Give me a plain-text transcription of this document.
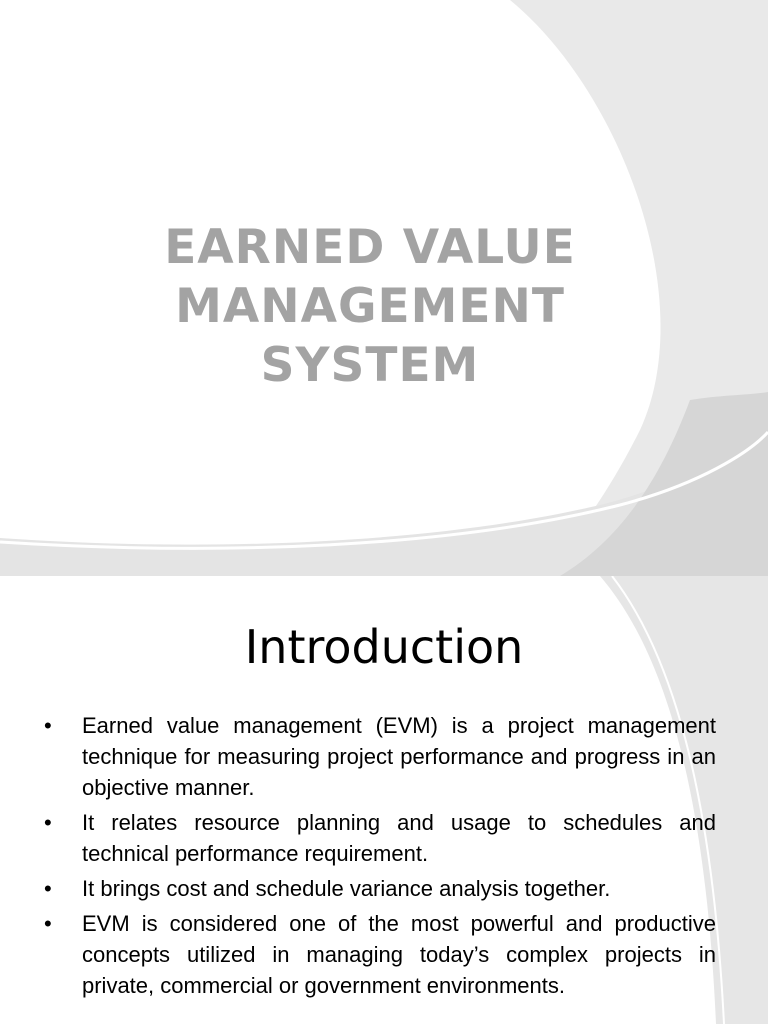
EARNED VALUE
MANAGEMENT
SYSTEM
Introduction
• Earned value management (EVM) is a project management technique for measuring project performance and progress in an objective manner.
• It relates resource planning and usage to schedules and technical performance requirement.
• It brings cost and schedule variance analysis together.
• EVM is considered one of the most powerful and productive concepts utilized in managing today’s complex projects in private, commercial or government environments.
